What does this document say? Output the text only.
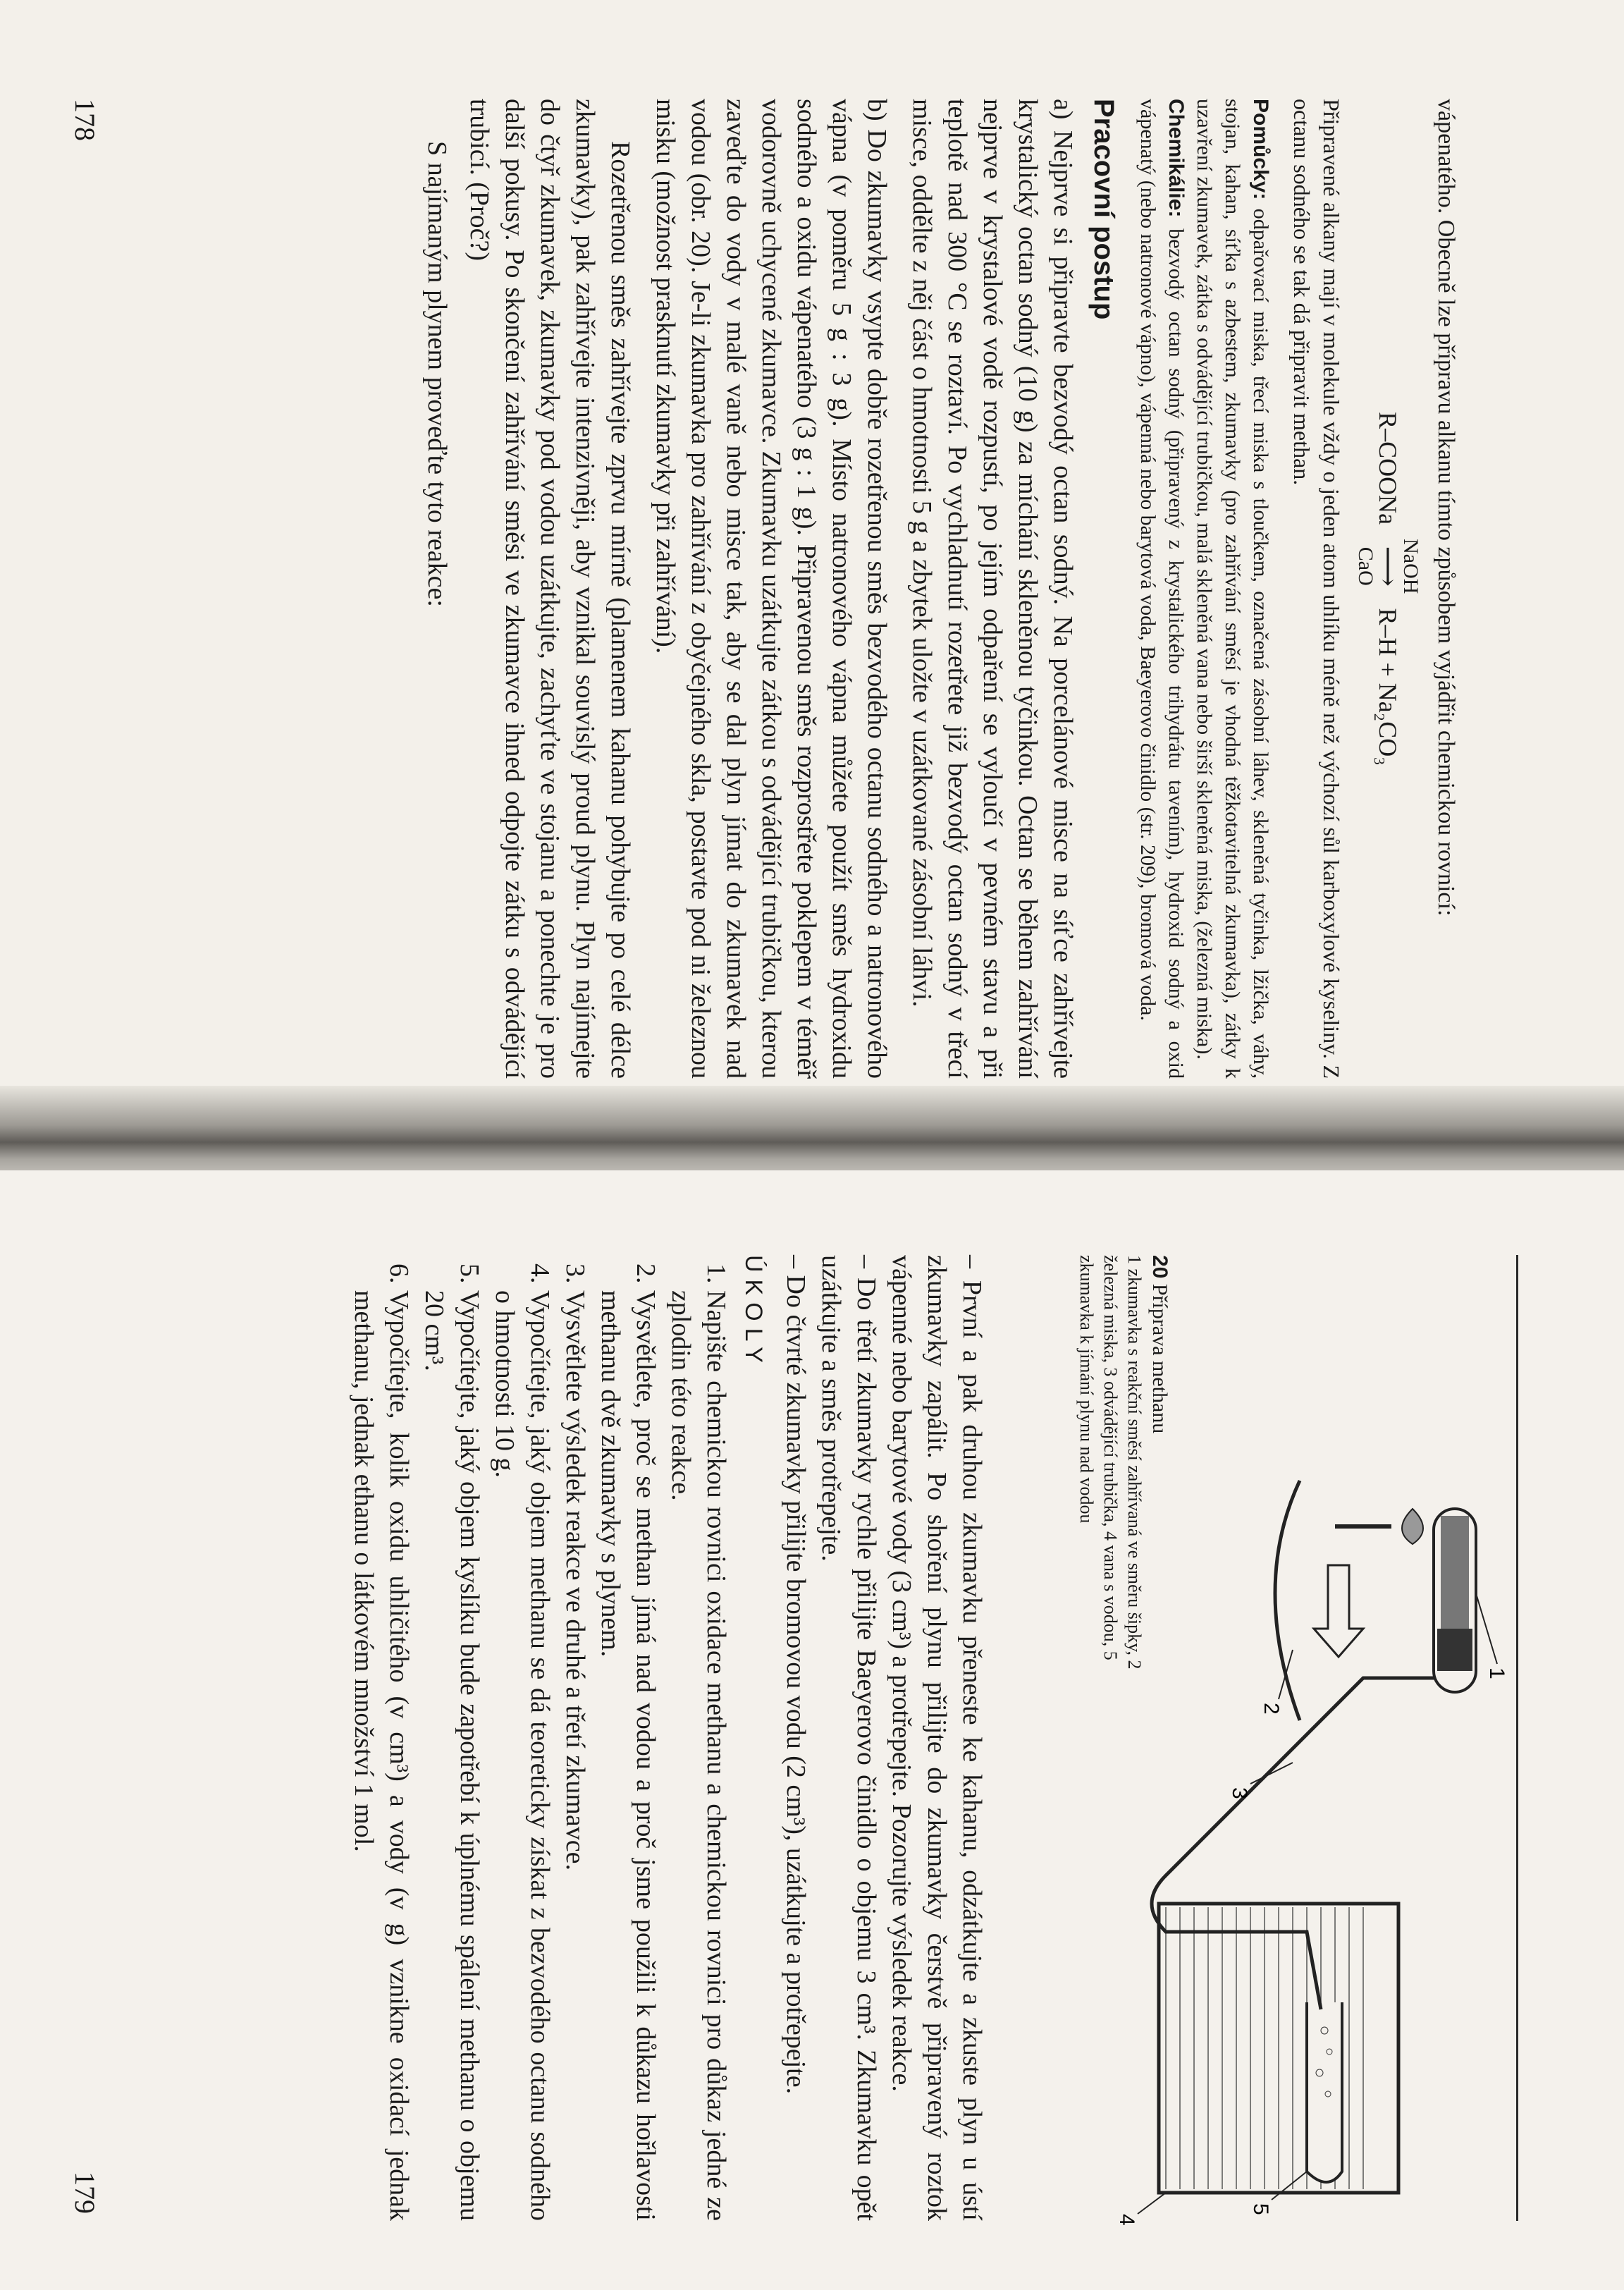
vápenatého. Obecně lze přípravu alkanu tímto způsobem vyjádřit chemickou rovnicí:
R–COONa
NaOH
⟶
CaO
R–H + Na₂CO₃
Připravené alkany mají v molekule vždy o jeden atom uhlíku méně než výchozí sůl karboxylové kyseliny. Z octanu sodného se tak dá připravit methan.
Pomůcky: odpařovací miska, třecí miska s tloučkem, označená zásobní láhev, skleněná tyčinka, lžička, váhy, stojan, kahan, síťka s azbestem, zkumavky (pro zahřívání směsí je vhodná těžkotavitelná zkumavka), zátky k uzavření zkumavek, zátka s odvádějící trubičkou, malá skleněná vana nebo širší skleněná miska, (železná miska).
Chemikálie: bezvodý octan sodný (připravený z krystalického trihydrátu tavením), hydroxid sodný a oxid vápenatý (nebo natronové vápno), vápenná nebo barytová voda, Baeyerovo činidlo (str. 209), bromová voda.
Pracovní postup

a) Nejprve si připravte bezvodý octan sodný. Na porcelánové misce na síťce zahřívejte krystalický octan sodný (10 g) za míchání skleněnou tyčinkou. Octan se během zahřívání nejprve v krystalové vodě rozpustí, po jejím odpaření se vyloučí v pevném stavu a při teplotě nad 300 °C se roztaví. Po vychladnutí rozetřete již bezvodý octan sodný v třecí misce, oddělte z něj část o hmotnosti 5 g a zbytek uložte v uzátkované zásobní láhvi.

b) Do zkumavky vsypte dobře rozetřenou směs bezvodého octanu sodného a natronového vápna (v poměru 5 g : 3 g). Místo natronového vápna můžete použít směs hydroxidu sodného a oxidu vápenatého (3 g : 1 g). Připravenou směs rozprostřete poklepem v téměř vodorovně uchycené zkumavce. Zkumavku uzátkujte zátkou s odvádějící trubičkou, kterou zaveďte do vody v malé vaně nebo misce tak, aby se dal plyn jímat do zkumavek nad vodou (obr. 20). Je-li zkumavka pro zahřívání z obyčejného skla, postavte pod ni železnou misku (možnost prasknutí zkumavky při zahřívání).

Rozetřenou směs zahřívejte zprvu mírně (plamenem kahanu pohybujte po celé délce zkumavky), pak zahřívejte intenzivněji, aby vznikal souvislý proud plynu. Plyn najímejte do čtyř zkumavek, zkumavky pod vodou uzátkujte, zachyťte ve stojanu a ponechte je pro další pokusy. Po skončení zahřívání směsi ve zkumavce ihned odpojte zátku s odvádějící trubicí. (Proč?)

S najímaným plynem proveďte tyto reakce:

178
1
2
3
4
5
20 Příprava methanu
1 zkumavka s reakční směsí zahřívaná ve směru šipky, 2 železná miska, 3 odvádějící trubička, 4 vana s vodou, 5 zkumavka k jímání plynu nad vodou

– První a pak druhou zkumavku přeneste ke kahanu, odzátkujte a zkuste plyn u ústí zkumavky zapálit. Po shoření plynu přilijte do zkumavky čerstvě připravený roztok vápenné nebo barytové vody (3 cm³) a protřepejte. Pozorujte výsledek reakce.

– Do třetí zkumavky rychle přilijte Baeyerovo činidlo o objemu 3 cm³. Zkumavku opět uzátkujte a směs protřepejte.

– Do čtvrté zkumavky přilijte bromovou vodu (2 cm³), uzátkujte a protřepejte.

ÚKOLY
1. Napište chemickou rovnici oxidace methanu a chemickou rovnici pro důkaz jedné ze zplodin této reakce.
2. Vysvětlete, proč se methan jímá nad vodou a proč jsme použili k důkazu hořlavosti methanu dvě zkumavky s plynem.
3. Vysvětlete výsledek reakce ve druhé a třetí zkumavce.
4. Vypočítejte, jaký objem methanu se dá teoreticky získat z bezvodého octanu sodného o hmotnosti 10 g.
5. Vypočítejte, jaký objem kyslíku bude zapotřebí k úplnému spálení methanu o objemu 20 cm³.
6. Vypočítejte, kolik oxidu uhličitého (v cm³) a vody (v g) vznikne oxidací jednak methanu, jednak ethanu o látkovém množství 1 mol.
179
